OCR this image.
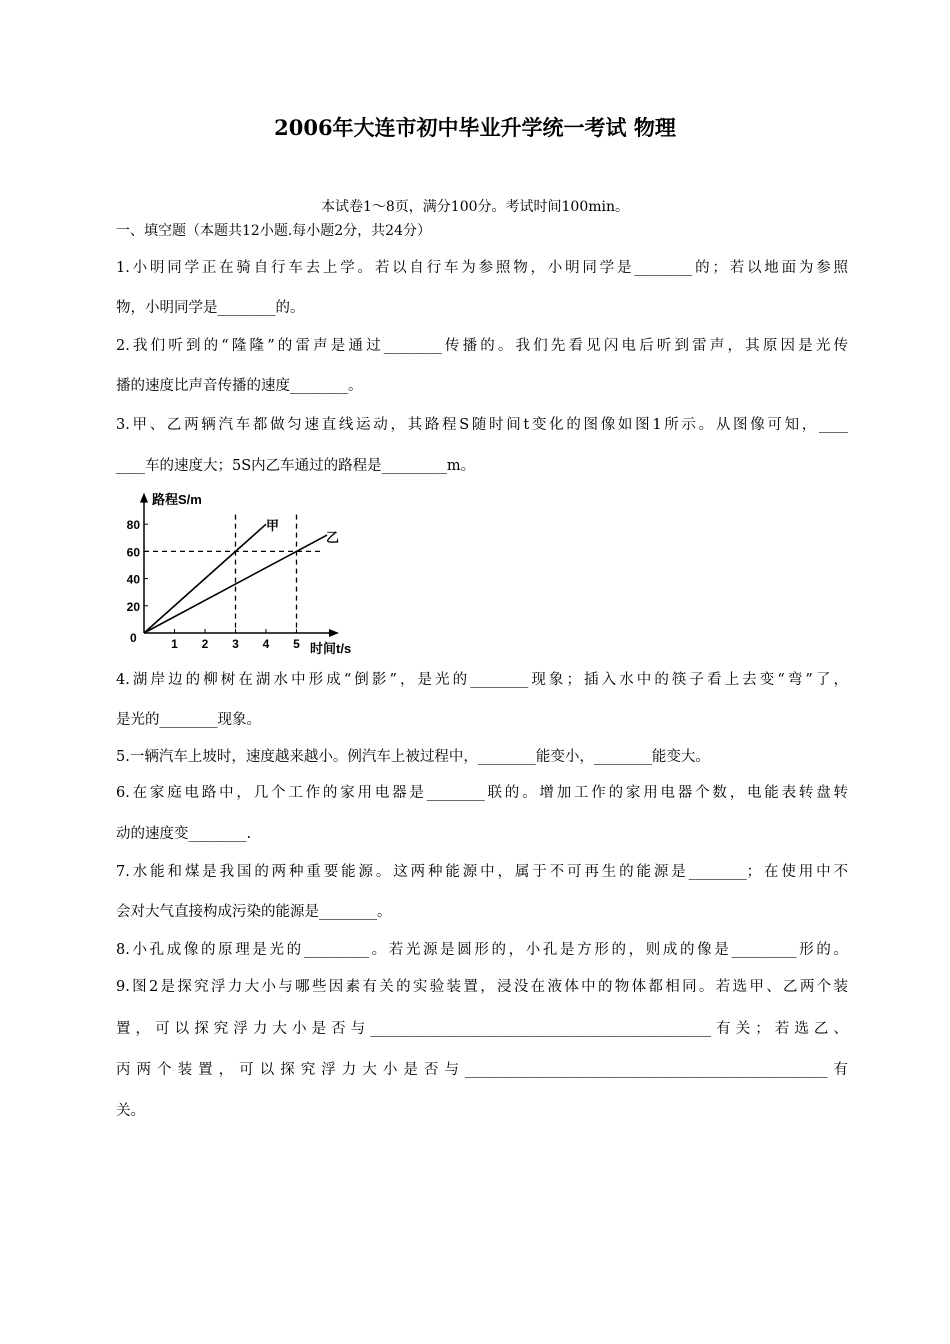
2006年大连市初中毕业升学统一考试 物理
本试卷1～8页，满分100分。考试时间100min。
一、填空题（本题共12小题.每小题2分，共24分）
1.小明同学正在骑自行车去上学。若以自行车为参照物，小明同学是________的；若以地面为参照
物，小明同学是________的。
2.我们听到的“隆隆”的雷声是通过________传播的。我们先看见闪电后听到雷声，其原因是光传
播的速度比声音传播的速度________。
3.甲、乙两辆汽车都做匀速直线运动，其路程S随时间t变化的图像如图1所示。从图像可知，____
____车的速度大；5S内乙车通过的路程是_________m。
路程S/m
时间t/s
0
甲
乙
1 2 3 4 5
20
40
60
80
4.湖岸边的柳树在湖水中形成“倒影”，是光的________现象；插入水中的筷子看上去变“弯”了，
是光的________现象。
5.一辆汽车上坡时，速度越来越小。例汽车上被过程中，________能变小，________能变大。
6.在家庭电路中，几个工作的家用电器是________联的。增加工作的家用电器个数，电能表转盘转
动的速度变________.
7.水能和煤是我国的两种重要能源。这两种能源中，属于不可再生的能源是________；在使用中不
会对大气直接构成污染的能源是________。
8.小孔成像的原理是光的_________。若光源是圆形的，小孔是方形的，则成的像是_________形的。
9.图2是探究浮力大小与哪些因素有关的实验装置，浸没在液体中的物体都相同。若选甲、乙两个装
置，可以探究浮力大小是否与_______________________________________________有关；若选乙、
丙两个装置，可以探究浮力大小是否与__________________________________________________有
关。
